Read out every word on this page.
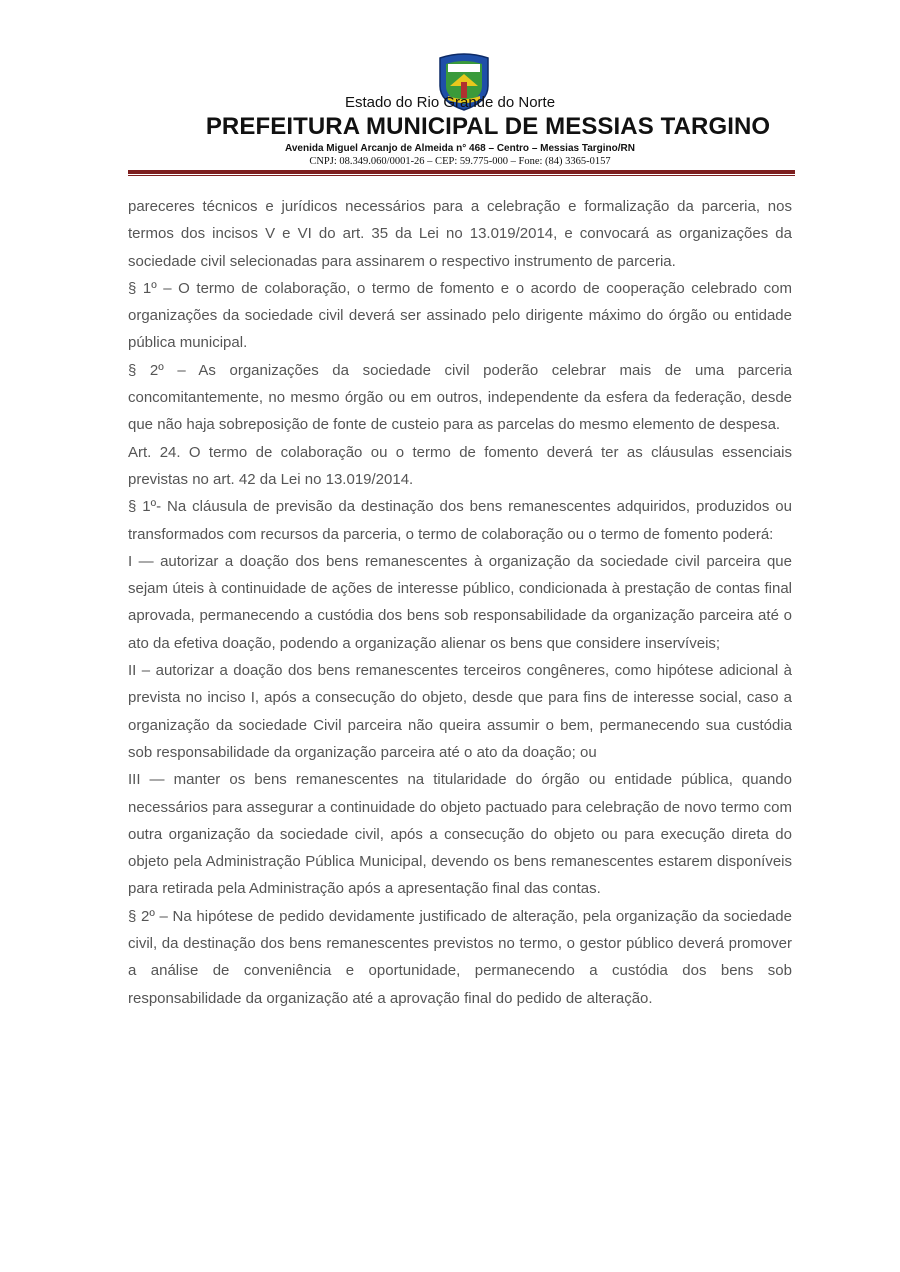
Estado do Rio Grande do Norte
PREFEITURA MUNICIPAL DE MESSIAS TARGINO
Avenida Miguel Arcanjo de Almeida n° 468 – Centro – Messias Targino/RN
CNPJ: 08.349.060/0001-26 – CEP: 59.775-000 – Fone: (84) 3365-0157

pareceres técnicos e jurídicos necessários para a celebração e formalização da parceria, nos termos dos incisos V e VI do art. 35 da Lei no 13.019/2014, e convocará as organizações da sociedade civil selecionadas para assinarem o respectivo instrumento de parceria.

§ 1º – O termo de colaboração, o termo de fomento e o acordo de cooperação celebrado com organizações da sociedade civil deverá ser assinado pelo dirigente máximo do órgão ou entidade pública municipal.

§ 2º – As organizações da sociedade civil poderão celebrar mais de uma parceria concomitantemente, no mesmo órgão ou em outros, independente da esfera da federação, desde que não haja sobreposição de fonte de custeio para as parcelas do mesmo elemento de despesa.

Art. 24. O termo de colaboração ou o termo de fomento deverá ter as cláusulas essenciais previstas no art. 42 da Lei no 13.019/2014.

§ 1º- Na cláusula de previsão da destinação dos bens remanescentes adquiridos, produzidos ou transformados com recursos da parceria, o termo de colaboração ou o termo de fomento poderá:

I — autorizar a doação dos bens remanescentes à organização da sociedade civil parceira que sejam úteis à continuidade de ações de interesse público, condicionada à prestação de contas final aprovada, permanecendo a custódia dos bens sob responsabilidade da organização parceira até o ato da efetiva doação, podendo a organização alienar os bens que considere inservíveis;

II – autorizar a doação dos bens remanescentes terceiros congêneres, como hipótese adicional à prevista no inciso I, após a consecução do objeto, desde que para fins de interesse social, caso a organização da sociedade Civil parceira não queira assumir o bem, permanecendo sua custódia sob responsabilidade da organização parceira até o ato da doação; ou

III — manter os bens remanescentes na titularidade do órgão ou entidade pública, quando necessários para assegurar a continuidade do objeto pactuado para celebração de novo termo com outra organização da sociedade civil, após a consecução do objeto ou para execução direta do objeto pela Administração Pública Municipal, devendo os bens remanescentes estarem disponíveis para retirada pela Administração após a apresentação final das contas.

§ 2º – Na hipótese de pedido devidamente justificado de alteração, pela organização da sociedade civil, da destinação dos bens remanescentes previstos no termo, o gestor público deverá promover a análise de conveniência e oportunidade, permanecendo a custódia dos bens sob responsabilidade da organização até a aprovação final do pedido de alteração.
